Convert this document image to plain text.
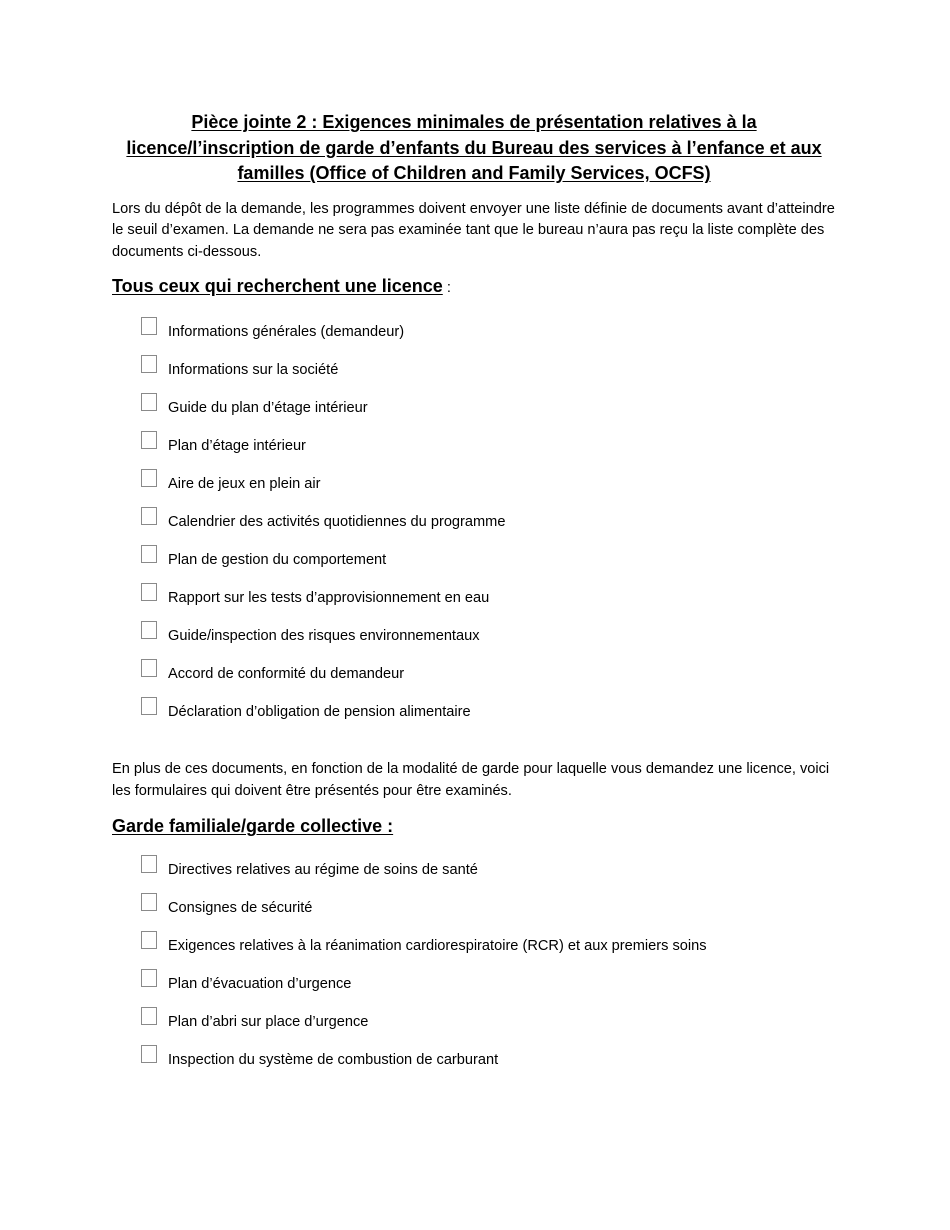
Pièce jointe 2 : Exigences minimales de présentation relatives à la
licence/l’inscription de garde d’enfants du Bureau des services à l’enfance et aux
familles (Office of Children and Family Services, OCFS)

Lors du dépôt de la demande, les programmes doivent envoyer une liste définie de documents avant d’atteindre le seuil d’examen. La demande ne sera pas examinée tant que le bureau n’aura pas reçu la liste complète des documents ci-dessous.

Tous ceux qui recherchent une licence :
Informations générales (demandeur)
Informations sur la société
Guide du plan d’étage intérieur
Plan d’étage intérieur
Aire de jeux en plein air
Calendrier des activités quotidiennes du programme
Plan de gestion du comportement
Rapport sur les tests d’approvisionnement en eau
Guide/inspection des risques environnementaux
Accord de conformité du demandeur
Déclaration d’obligation de pension alimentaire

En plus de ces documents, en fonction de la modalité de garde pour laquelle vous demandez une licence, voici les formulaires qui doivent être présentés pour être examinés.

Garde familiale/garde collective :
Directives relatives au régime de soins de santé
Consignes de sécurité
Exigences relatives à la réanimation cardiorespiratoire (RCR) et aux premiers soins
Plan d’évacuation d’urgence
Plan d’abri sur place d’urgence
Inspection du système de combustion de carburant
